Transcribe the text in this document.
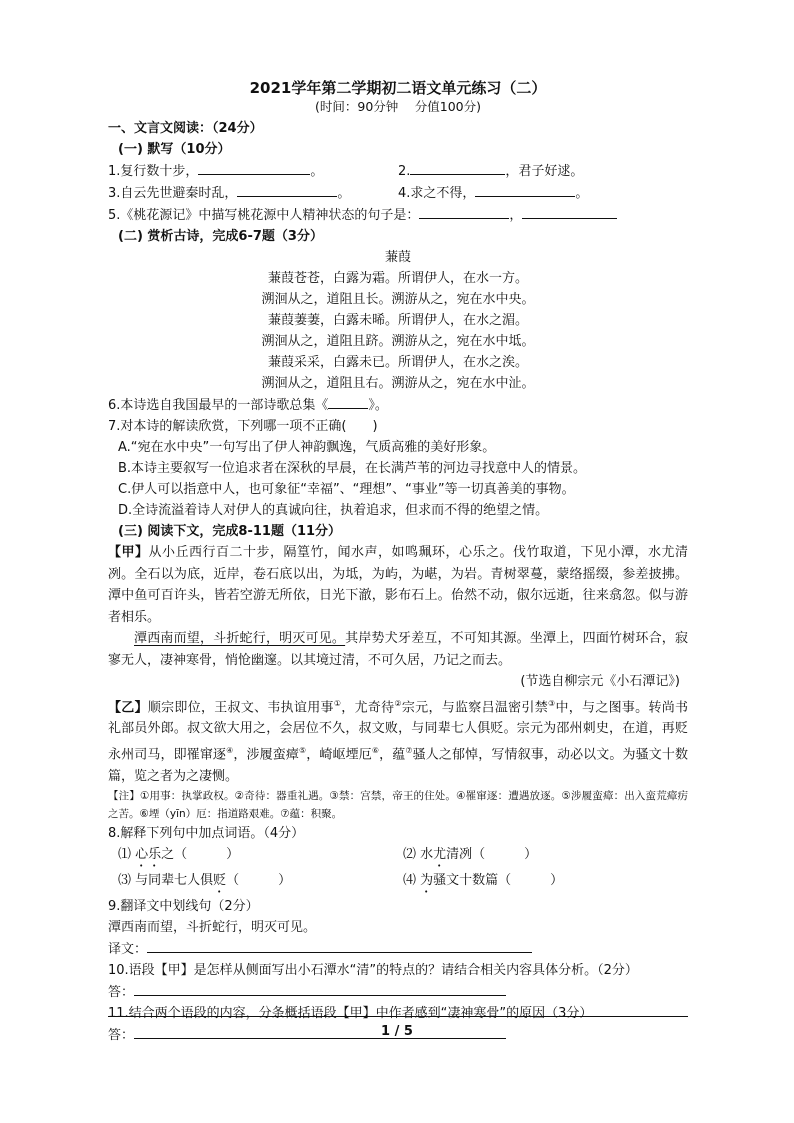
2021学年第二学期初二语文单元练习（二）
(时间：90分钟　 分值100分)
一、文言文阅读：（24分）
(一) 默写（10分）
1.复行数十步，	。	2.	，君子好逑。
3.自云先世避秦时乱，	。	4.求之不得，	。
5.《桃花源记》中描写桃花源中人精神状态的句子是：	，
(二) 赏析古诗，完成6-7题（3分）
蒹葭
蒹葭苍苍，白露为霜。所谓伊人，在水一方。
溯洄从之，道阻且长。溯游从之，宛在水中央。
蒹葭萋萋，白露未晞。所谓伊人，在水之湄。
溯洄从之，道阻且跻。溯游从之，宛在水中坻。
蒹葭采采，白露未已。所谓伊人，在水之涘。
溯洄从之，道阻且右。溯游从之，宛在水中沚。
6.本诗选自我国最早的一部诗歌总集《	》。
7.对本诗的解读欣赏，下列哪一项不正确(　　)
A.“宛在水中央”一句写出了伊人神韵飘逸，气质高雅的美好形象。
B.本诗主要叙写一位追求者在深秋的早晨，在长满芦苇的河边寻找意中人的情景。
C.伊人可以指意中人，也可象征“幸福”、“理想”、“事业”等一切真善美的事物。
D.全诗流溢着诗人对伊人的真诚向往，执着追求，但求而不得的绝望之情。
(三) 阅读下文，完成8-11题（11分）

【甲】从小丘西行百二十步，隔篁竹，闻水声，如鸣珮环，心乐之。伐竹取道，下见小潭，水尤清冽。全石以为底，近岸，卷石底以出，为坻，为屿，为嵁，为岩。青树翠蔓，蒙络摇缀，参差披拂。潭中鱼可百许头，皆若空游无所依，日光下澈，影布石上。佁然不动，俶尔远逝，往来翕忽。似与游者相乐。

潭西南而望，斗折蛇行，明灭可见。其岸势犬牙差互，不可知其源。坐潭上，四面竹树环合，寂寥无人，凄神寒骨，悄怆幽邃。以其境过清，不可久居，乃记之而去。

(节选自柳宗元《小石潭记》)

【乙】顺宗即位，王叔文、韦执谊用事①，尤奇待②宗元，与监察吕温密引禁③中，与之图事。转尚书礼部员外郎。叔文欲大用之，会居位不久，叔文败，与同辈七人俱贬。宗元为邵州刺史，在道，再贬永州司马，即罹窜逐④，涉履蛮瘴⑤，崎岖堙厄⑥，蕴⑦骚人之郁悼，写情叙事，动必以文。为骚文十数篇，览之者为之凄恻。

【注】①用事：执掌政权。②奇待：器重礼遇。③禁：宫禁，帝王的住处。④罹窜逐：遭遇放逐。⑤涉履蛮瘴：出入蛮荒瘴疠之苦。⑥堙（yīn）厄：指道路艰难。⑦蕴：积聚。
8.解释下列句中加点词语。（4分）
⑴ 心乐之（　　　）	⑵ 水尤清冽（　　　）
⑶ 与同辈七人俱贬（　　　）	⑷ 为骚文十数篇（　　　）
9.翻译文中划线句（2分）
潭西南而望，斗折蛇行，明灭可见。
译文：
10.语段【甲】是怎样从侧面写出小石潭水“清”的特点的？请结合相关内容具体分析。（2分）
答：
11.结合两个语段的内容，分条概括语段【甲】中作者感到“凄神寒骨”的原因（3分）
答：	1 / 5
